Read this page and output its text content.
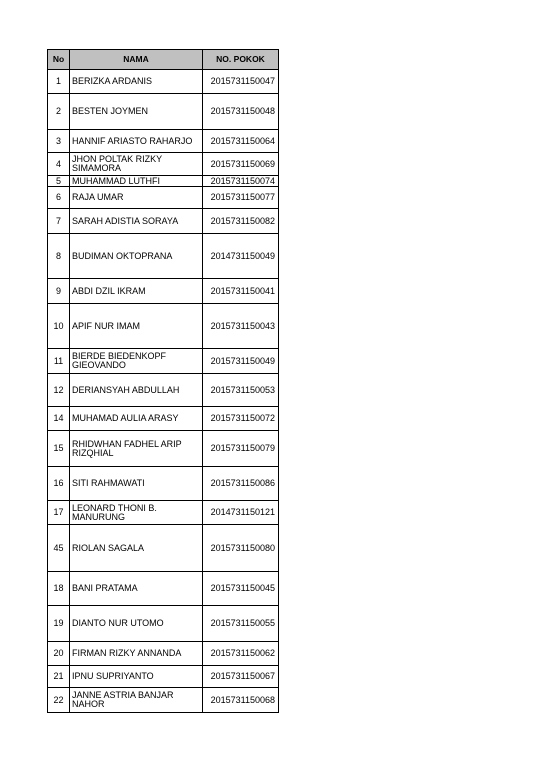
No	NAMA	NO. POKOK
1	BERIZKA ARDANIS	2015731150047
2	BESTEN JOYMEN	2015731150048
3	HANNIF ARIASTO RAHARJO	2015731150064
4	JHON POLTAK RIZKY SIMAMORA	2015731150069
5	MUHAMMAD LUTHFI	2015731150074
6	RAJA UMAR	2015731150077
7	SARAH ADISTIA SORAYA	2015731150082
8	BUDIMAN OKTOPRANA	2014731150049
9	ABDI DZIL IKRAM	2015731150041
10	APIF NUR IMAM	2015731150043
11	BIERDE BIEDENKOPF GIEOVANDO	2015731150049
12	DERIANSYAH ABDULLAH	2015731150053
14	MUHAMAD AULIA ARASY	2015731150072
15	RHIDWHAN FADHEL ARIP RIZQHIAL	2015731150079
16	SITI RAHMAWATI	2015731150086
17	LEONARD THONI B. MANURUNG	2014731150121
45	RIOLAN SAGALA	2015731150080
18	BANI PRATAMA	2015731150045
19	DIANTO NUR UTOMO	2015731150055
20	FIRMAN RIZKY ANNANDA	2015731150062
21	IPNU SUPRIYANTO	2015731150067
22	JANNE ASTRIA BANJAR NAHOR	2015731150068
